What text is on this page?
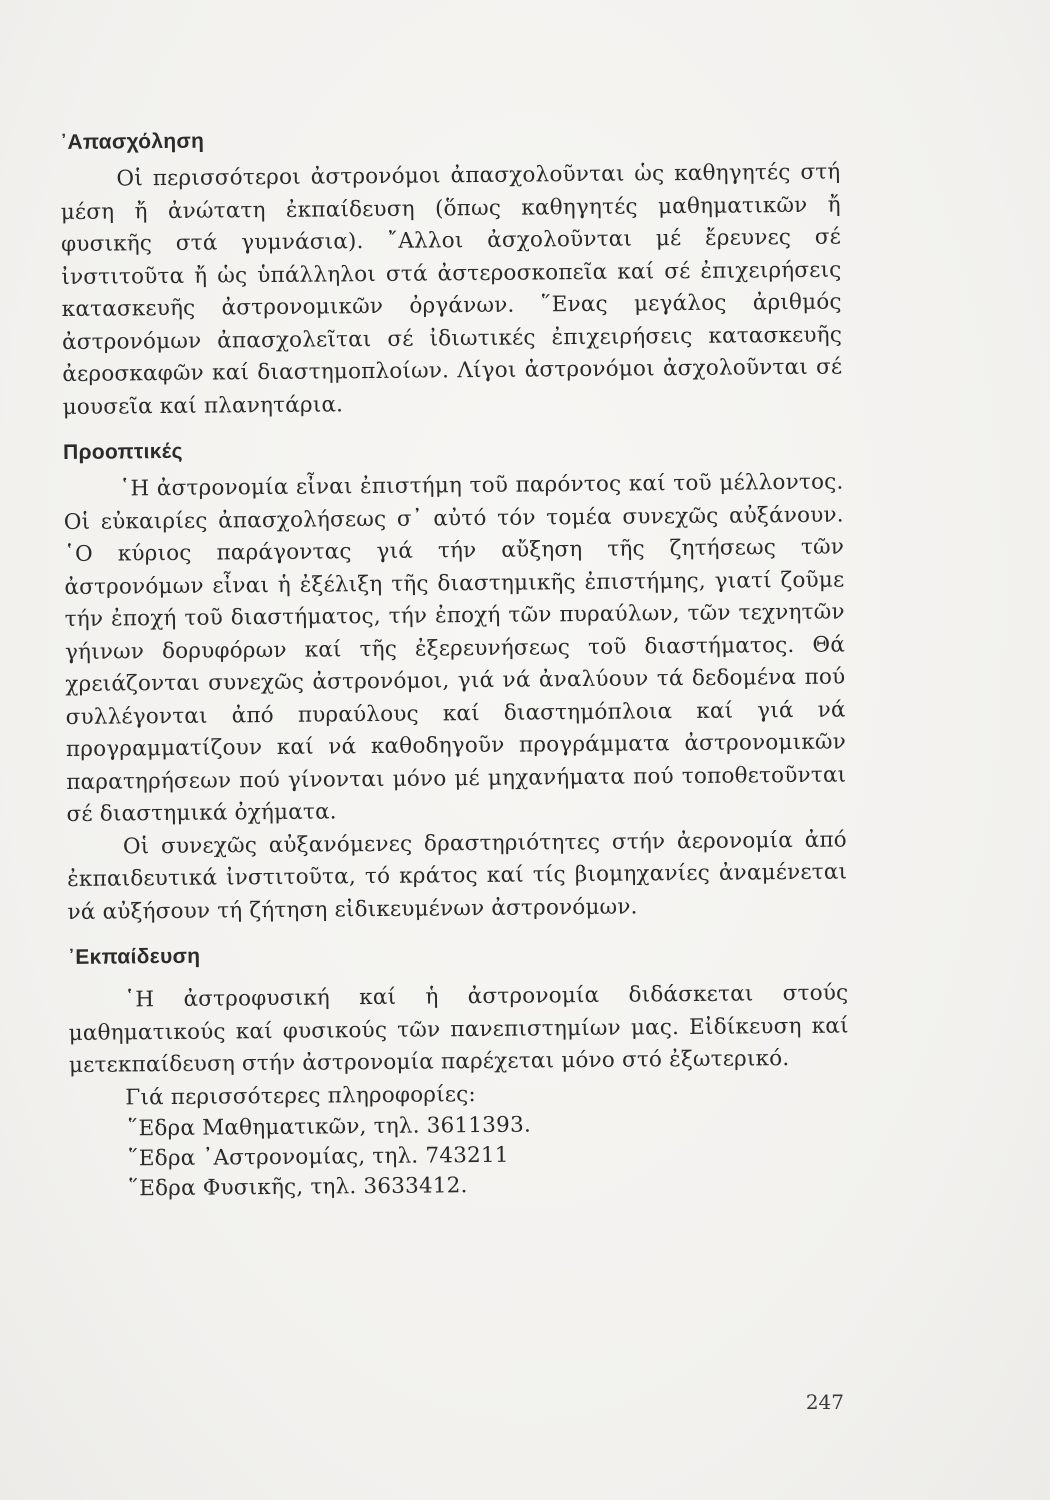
᾽Απασχόληση

Οἱ περισσότεροι ἀστρονόμοι ἀπασχολοῦνται ὡς καθηγητές στή μέση ἤ ἀνώτατη ἐκπαίδευση (ὅπως καθηγητές μαθηματικῶν ἤ φυσικῆς στά γυμνάσια). ῎Αλλοι ἀσχολοῦνται μέ ἔρευνες σέ ἰνστιτοῦτα ἤ ὡς ὑπάλληλοι στά ἀστεροσκοπεῖα καί σέ ἐπιχειρήσεις κατασκευῆς ἀστρονομικῶν ὀργάνων. ῞Ενας μεγάλος ἀριθμός ἀστρονόμων ἀπασχολεῖται σέ ἰδιωτικές ἐπιχειρήσεις κατασκευῆς ἀεροσκαφῶν καί διαστημοπλοίων. Λίγοι ἀστρονόμοι ἀσχολοῦνται σέ μουσεῖα καί πλανητάρια.

Προοπτικές

῾Η ἀστρονομία εἶναι ἐπιστήμη τοῦ παρόντος καί τοῦ μέλλοντος. Οἱ εὐκαιρίες ἀπασχολήσεως σ᾽ αὐτό τόν τομέα συνεχῶς αὐξάνουν. ῾Ο κύριος παράγοντας γιά τήν αὔξηση τῆς ζητήσεως τῶν ἀστρονόμων εἶναι ἡ ἐξέλιξη τῆς διαστημικῆς ἐπιστήμης, γιατί ζοῦμε τήν ἐποχή τοῦ διαστήματος, τήν ἐποχή τῶν πυραύλων, τῶν τεχνητῶν γήινων δορυφόρων καί τῆς ἐξερευνήσεως τοῦ διαστήματος. Θά χρειάζονται συνεχῶς ἀστρονόμοι, γιά νά ἀναλύουν τά δεδομένα πού συλλέγονται ἀπό πυραύλους καί διαστημόπλοια καί γιά νά προγραμματίζουν καί νά καθοδηγοῦν προγράμματα ἀστρονομικῶν παρατηρήσεων πού γίνονται μόνο μέ μηχανήματα πού τοποθετοῦνται σέ διαστημικά ὀχήματα.

Οἱ συνεχῶς αὐξανόμενες δραστηριότητες στήν ἀερονομία ἀπό ἐκπαιδευτικά ἰνστιτοῦτα, τό κράτος καί τίς βιομηχανίες ἀναμένεται νά αὐξήσουν τή ζήτηση εἰδικευμένων ἀστρονόμων.

᾽Εκπαίδευση

῾Η ἀστροφυσική καί ἡ ἀστρονομία διδάσκεται στούς μαθηματικούς καί φυσικούς τῶν πανεπιστημίων μας. Εἰδίκευση καί μετεκπαίδευση στήν ἀστρονομία παρέχεται μόνο στό ἐξωτερικό.

Γιά περισσότερες πληροφορίες:

῞Εδρα Μαθηματικῶν, τηλ. 3611393.

῞Εδρα ᾽Αστρονομίας, τηλ. 743211

῞Εδρα Φυσικῆς, τηλ. 3633412.

247
